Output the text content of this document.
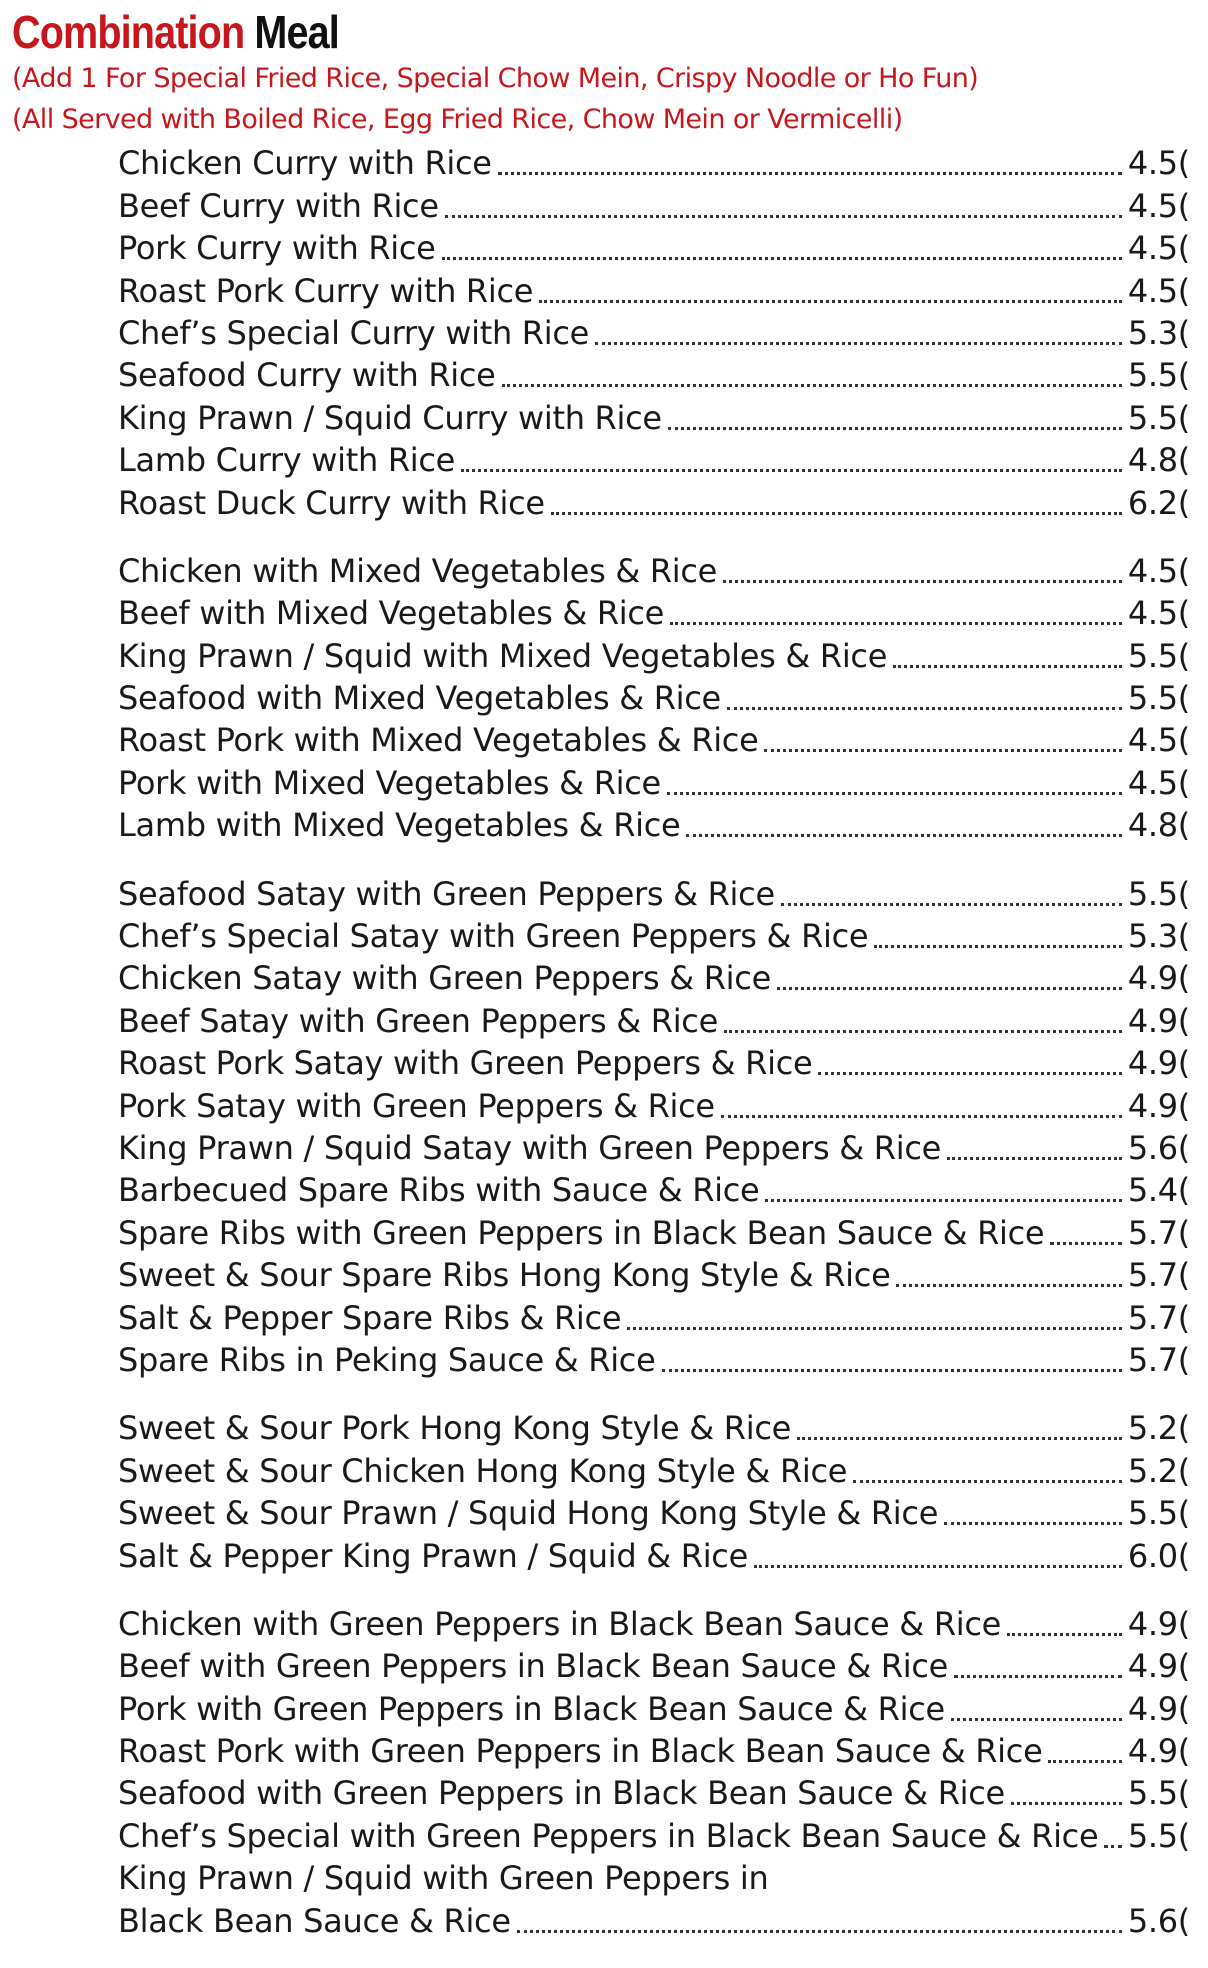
Combination Meal
(Add 1 For Special Fried Rice, Special Chow Mein, Crispy Noodle or Ho Fun)
(All Served with Boiled Rice, Egg Fried Rice, Chow Mein or Vermicelli)
Chicken Curry with Rice	4.5(
Beef Curry with Rice	4.5(
Pork Curry with Rice	4.5(
Roast Pork Curry with Rice	4.5(
Chef’s Special Curry with Rice	5.3(
Seafood Curry with Rice	5.5(
King Prawn / Squid Curry with Rice	5.5(
Lamb Curry with Rice	4.8(
Roast Duck Curry with Rice	6.2(
Chicken with Mixed Vegetables & Rice	4.5(
Beef with Mixed Vegetables & Rice	4.5(
King Prawn / Squid with Mixed Vegetables & Rice	5.5(
Seafood with Mixed Vegetables & Rice	5.5(
Roast Pork with Mixed Vegetables & Rice	4.5(
Pork with Mixed Vegetables & Rice	4.5(
Lamb with Mixed Vegetables & Rice	4.8(
Seafood Satay with Green Peppers & Rice	5.5(
Chef’s Special Satay with Green Peppers & Rice	5.3(
Chicken Satay with Green Peppers & Rice	4.9(
Beef Satay with Green Peppers & Rice	4.9(
Roast Pork Satay with Green Peppers & Rice	4.9(
Pork Satay with Green Peppers & Rice	4.9(
King Prawn / Squid Satay with Green Peppers & Rice	5.6(
Barbecued Spare Ribs with Sauce & Rice	5.4(
Spare Ribs with Green Peppers in Black Bean Sauce & Rice	5.7(
Sweet & Sour Spare Ribs Hong Kong Style & Rice	5.7(
Salt & Pepper Spare Ribs & Rice	5.7(
Spare Ribs in Peking Sauce & Rice	5.7(
Sweet & Sour Pork Hong Kong Style & Rice	5.2(
Sweet & Sour Chicken Hong Kong Style & Rice	5.2(
Sweet & Sour Prawn / Squid Hong Kong Style & Rice	5.5(
Salt & Pepper King Prawn / Squid & Rice	6.0(
Chicken with Green Peppers in Black Bean Sauce & Rice	4.9(
Beef with Green Peppers in Black Bean Sauce & Rice	4.9(
Pork with Green Peppers in Black Bean Sauce & Rice	4.9(
Roast Pork with Green Peppers in Black Bean Sauce & Rice	4.9(
Seafood with Green Peppers in Black Bean Sauce & Rice	5.5(
Chef’s Special with Green Peppers in Black Bean Sauce & Rice 5.5(
King Prawn / Squid with Green Peppers in
Black Bean Sauce & Rice	5.6(
